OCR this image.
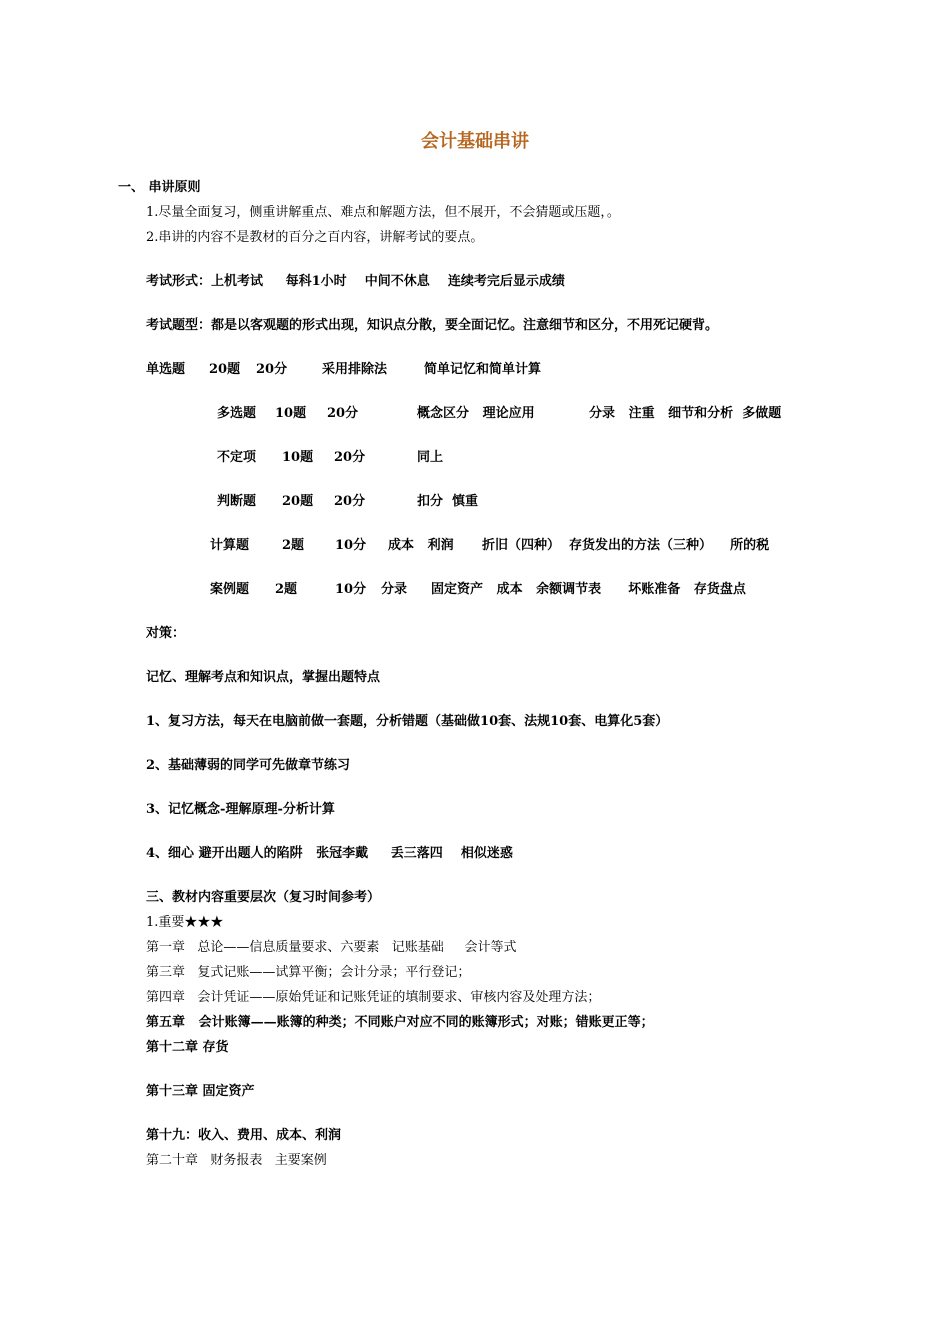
会计基础串讲
一、 串讲原则
1.尽量全面复习，侧重讲解重点、难点和解题方法，但不展开，不会猜题或压题，。
2.串讲的内容不是教材的百分之百内容，讲解考试的要点。
考试形式：上机考试     每科1小时    中间不休息    连续考完后显示成绩
考试题型：都是以客观题的形式出现，知识点分散，要全面记忆。注意细节和区分，不用死记硬背。
单选题 20题 20分	采用排除法	简单记忆和简单计算
多选题 10题 20分	概念区分   理论应用	分录   注重   细节和分析  多做题
不定项 10题 20分	同上
判断题 20题 20分	扣分  慎重
计算题	2题 10分 成本   利润 折旧（四种）  存货发出的方法（三种）    所的税
案例题 2题	10分 分录 固定资产   成本   余额调节表      坏账准备   存货盘点
对策：
记忆、理解考点和知识点，掌握出题特点
1、复习方法，每天在电脑前做一套题，分析错题（基础做10套、法规10套、电算化5套）
2、基础薄弱的同学可先做章节练习
3、记忆概念-理解原理-分析计算
4、细心 避开出题人的陷阱   张冠李戴     丢三落四    相似迷惑
三、教材内容重要层次（复习时间参考）
1.重要★★★
第一章   总论——信息质量要求、六要素   记账基础     会计等式
第三章   复式记账——试算平衡；会计分录；平行登记；
第四章   会计凭证——原始凭证和记账凭证的填制要求、审核内容及处理方法；
第五章   会计账簿——账簿的种类；不同账户对应不同的账簿形式；对账；错账更正等；
第十二章 存货
第十三章 固定资产
第十九：收入、费用、成本、利润
第二十章   财务报表   主要案例
